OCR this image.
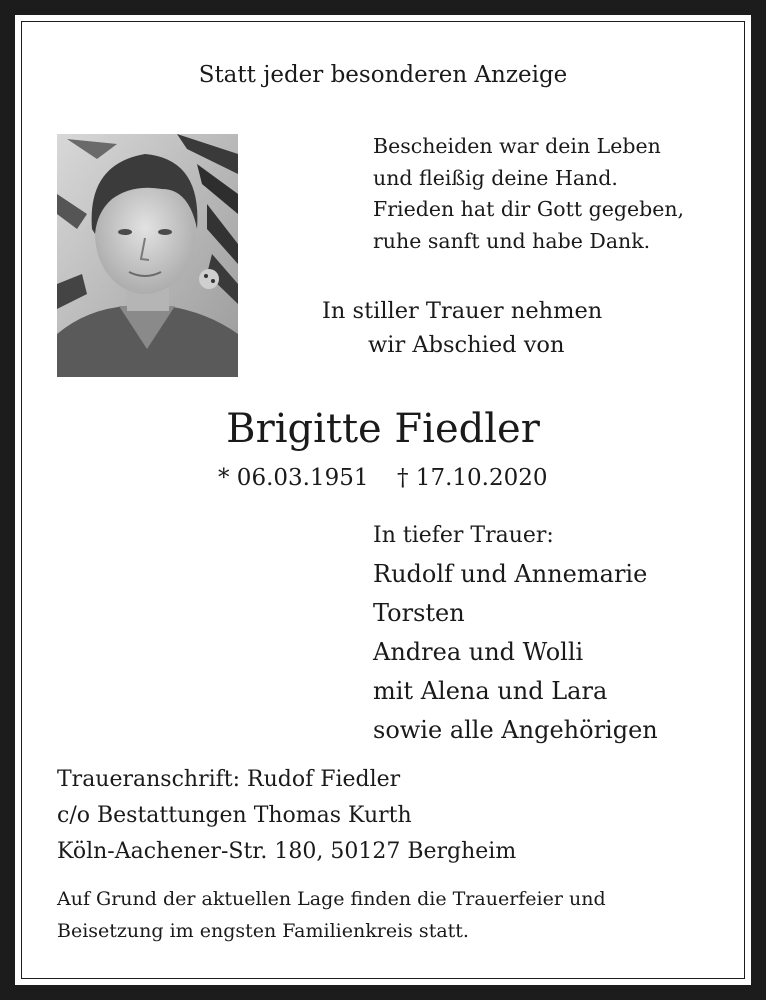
Statt jeder besonderen Anzeige
Bescheiden war dein Leben
und fleißig deine Hand.
Frieden hat dir Gott gegeben,
ruhe sanft und habe Dank.
In stiller Trauer nehmen
wir Abschied von
Brigitte Fiedler
* 06.03.1951 † 17.10.2020
In tiefer Trauer:
Rudolf und Annemarie
Torsten
Andrea und Wolli
mit Alena und Lara
sowie alle Angehörigen
Traueranschrift: Rudof Fiedler
c/o Bestattungen Thomas Kurth
Köln-Aachener-Str. 180, 50127 Bergheim
Auf Grund der aktuellen Lage finden die Trauerfeier und
Beisetzung im engsten Familienkreis statt.
